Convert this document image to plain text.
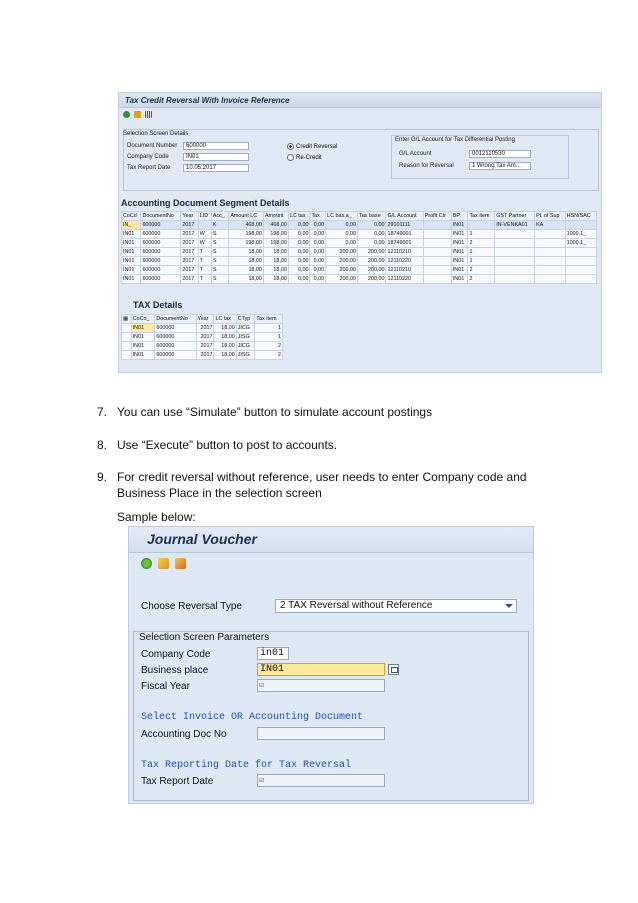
Tax Credit Reversal With Invoice Reference
Selection Screen Details
Document Number	600000
Company Code	IN01
Tax Report Date	10.05.2017
Credit Reversal
Re-Credit
Enter G/L Account for Tax Differential Posting
G/L Account	0012110530
Reason for Reversal	1 Wrong Tax Am...
Accounting Document Segment Details
CoCd	DocumentNo	Year	LID	Acc_	Amount LC	Amount	LC tax	Tax	LC bas.a_	Tax base	G/L Account	Profit Ctr	BP	Tax item	GST Partner	Pl. of Sup	HSN/SAC
IN_	600000	2017		K	468,00	468,00	0,00	0,00	0,00	0,00	29101111		IN01		IN-VENKA01	KA	
IN01	600000	2017	W	S	198,00	198,00	0,00	0,00	0,00	0,00	18749001		IN01	1			1000.1_
IN01	600000	2017	W	S	198,00	198,00	0,00	0,00	0,00	0,00	18749001		IN01	2			1000.1_
IN01	600000	2017	T	S	18,00	18,00	0,00	0,00	200,00	200,00	12110210		IN01	1			
IN01	600000	2017	T	S	18,00	18,00	0,00	0,00	200,00	200,00	12110220		IN01	1			
IN01	600000	2017	T	S	18,00	18,00	0,00	0,00	200,00	200,00	12110210		IN01	2			
IN01	600000	2017	T	S	18,00	18,00	0,00	0,00	200,00	200,00	12110220		IN01	2			
TAX Details
▦	CoCo_	DocumentNo	Year	LC tax	CTyp	Tax item
	IN01	600000	2017	18,00	JICG	1
	IN01	600000	2017	18,00	JISG	1
	IN01	600000	2017	18,00	JICG	2
	IN01	600000	2017	18,00	JISG	2
7. You can use “Simulate” button to simulate account postings
8. Use “Execute” button to post to accounts.
9. For credit reversal without reference, user needs to enter Company code and
Business Place in the selection screen
Sample below:
Journal Voucher
Choose Reversal Type	2 TAX Reversal without Reference
Selection Screen Parameters
Company Code	in01
Business place	IN01
Fiscal Year	☑
Select Invoice OR Accounting Document
Accounting Doc No
Tax Reporting Date for Tax Reversal
Tax Report Date	☑
